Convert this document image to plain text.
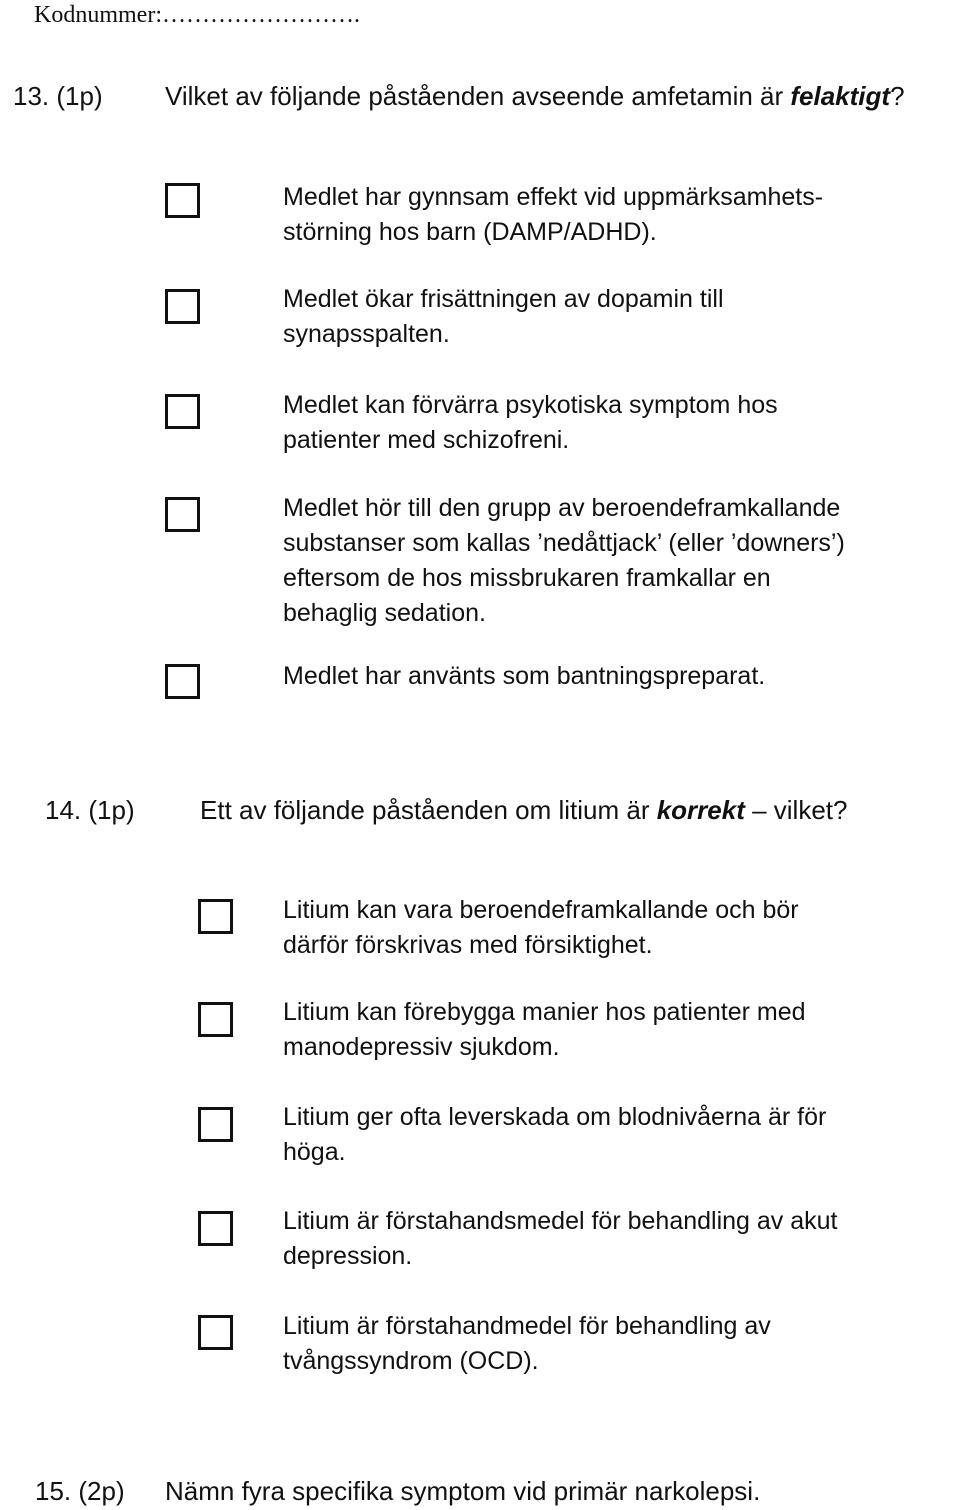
Kodnummer:…………………….
13. (1p) Vilket av följande påståenden avseende amfetamin är felaktigt?
Medlet har gynnsam effekt vid uppmärksamhets-
störning hos barn (DAMP/ADHD).
Medlet ökar frisättningen av dopamin till
synapsspalten.
Medlet kan förvärra psykotiska symptom hos
patienter med schizofreni.
Medlet hör till den grupp av beroendeframkallande
substanser som kallas ’nedåttjack’ (eller ’downers’)
eftersom de hos missbrukaren framkallar en
behaglig sedation.
Medlet har använts som bantningspreparat.
14. (1p)	Ett av följande påståenden om litium är korrekt – vilket?
Litium kan vara beroendeframkallande och bör
därför förskrivas med försiktighet.
Litium kan förebygga manier hos patienter med
manodepressiv sjukdom.
Litium ger ofta leverskada om blodnivåerna är för
höga.
Litium är förstahandsmedel för behandling av akut
depression.
Litium är förstahandmedel för behandling av
tvångssyndrom (OCD).
15. (2p) Nämn fyra specifika symptom vid primär narkolepsi.
